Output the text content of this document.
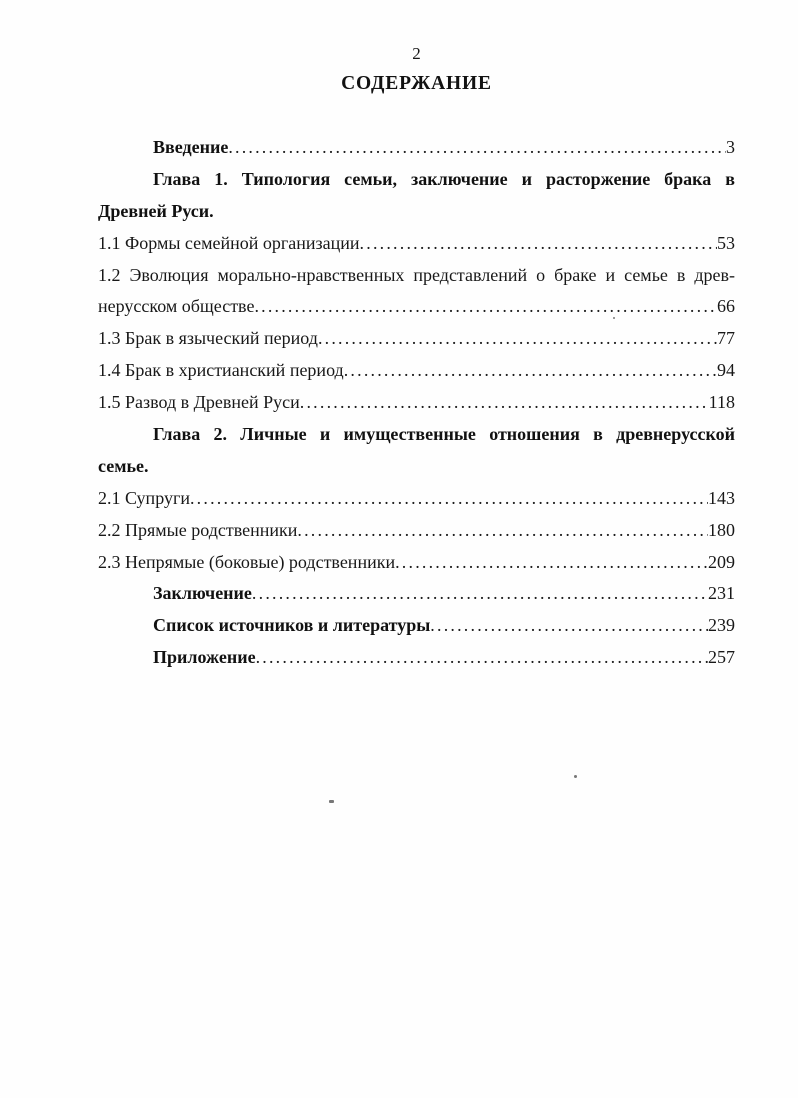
2
СОДЕРЖАНИЕ
Введение .....	3
Глава 1. Типология семьи, заключение и расторжение брака в
Древней Руси.
1.1 Формы семейной организации .....	53
1.2 Эволюция морально-нравственных представлений о браке и семье в древ-
нерусском обществе .....	66
1.3 Брак в языческий период .....	77
1.4 Брак в христианский период .....	94
1.5 Развод в Древней Руси .....	118
Глава 2. Личные и имущественные отношения в древнерусской
семье.
2.1 Супруги .....	143
2.2 Прямые родственники .....	180
2.3 Непрямые (боковые) родственники .....	209
Заключение .....	231
Список источников и литературы .....	239
Приложение .....	257
